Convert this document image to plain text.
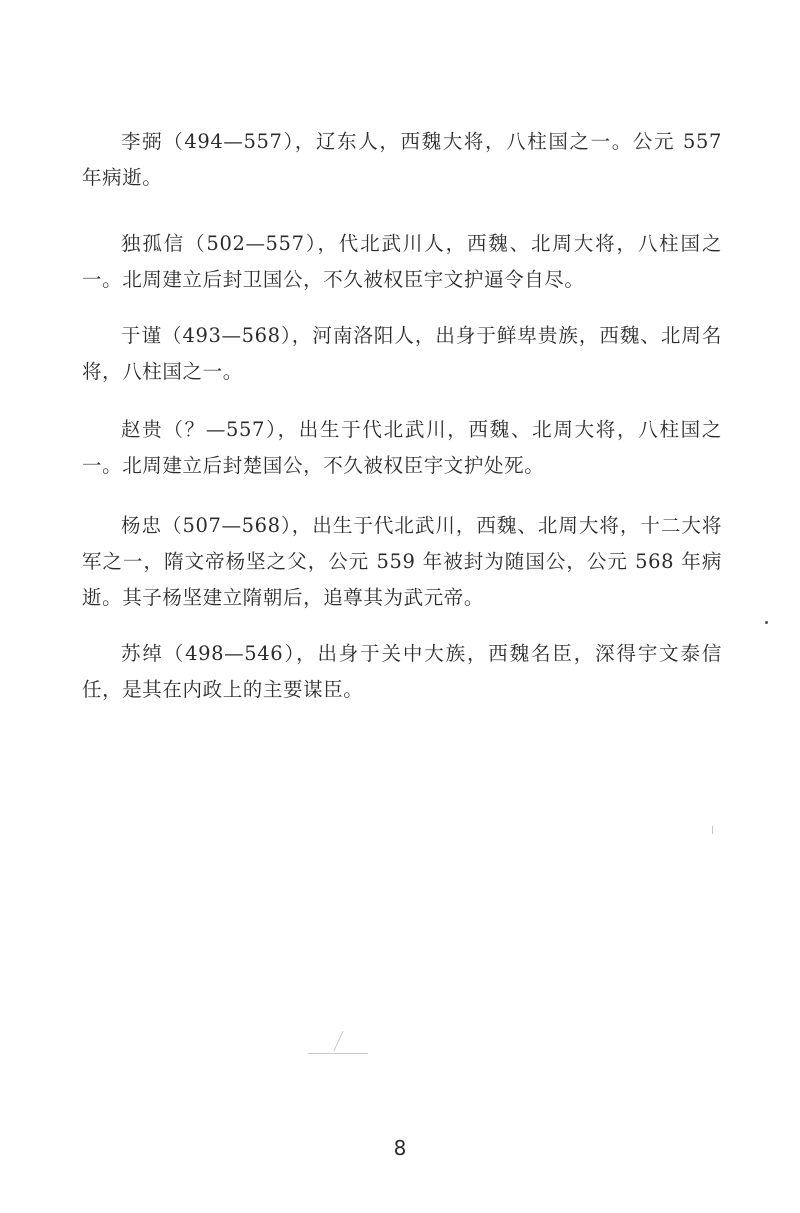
李弼（494—557），辽东人，西魏大将，八柱国之一。公元 557 年病逝。

独孤信（502—557），代北武川人，西魏、北周大将，八柱国之一。北周建立后封卫国公，不久被权臣宇文护逼令自尽。

于谨（493—568），河南洛阳人，出身于鲜卑贵族，西魏、北周名将，八柱国之一。

赵贵（？—557），出生于代北武川，西魏、北周大将，八柱国之一。北周建立后封楚国公，不久被权臣宇文护处死。

杨忠（507—568），出生于代北武川，西魏、北周大将，十二大将军之一，隋文帝杨坚之父，公元 559 年被封为随国公，公元 568 年病逝。其子杨坚建立隋朝后，追尊其为武元帝。

苏绰（498—546），出身于关中大族，西魏名臣，深得宇文泰信任，是其在内政上的主要谋臣。

8
